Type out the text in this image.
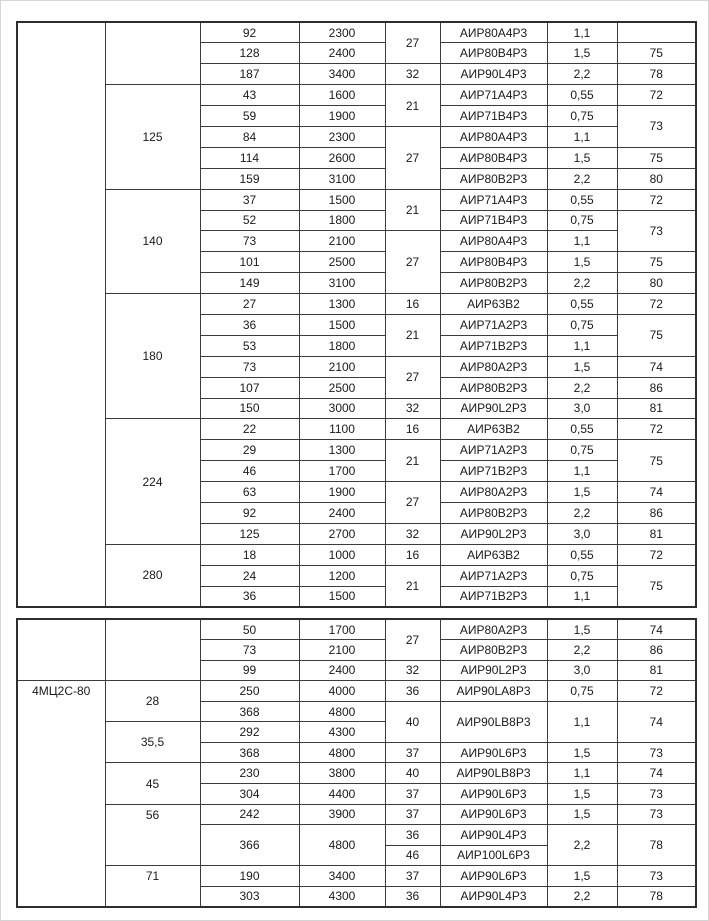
		92	2300	27	АИР80А4Р3	1,1	
		128	2400		АИР80В4Р3	1,5	75
		187	3400	32	АИР90L4Р3	2,2	78
	125	43	1600	21	АИР71А4Р3	0,55	72
		59	1900		АИР71В4Р3	0,75	73
		84	2300	27	АИР80А4Р3	1,1	
		114	2600		АИР80В4Р3	1,5	75
		159	3100		АИР80В2Р3	2,2	80
	140	37	1500	21	АИР71А4Р3	0,55	72
		52	1800		АИР71В4Р3	0,75	73
		73	2100	27	АИР80А4Р3	1,1	
		101	2500		АИР80В4Р3	1,5	75
		149	3100		АИР80В2Р3	2,2	80
	180	27	1300	16	АИР63В2	0,55	72
		36	1500	21	АИР71А2Р3	0,75	75
		53	1800		АИР71В2Р3	1,1	
		73	2100	27	АИР80А2Р3	1,5	74
		107	2500		АИР80В2Р3	2,2	86
		150	3000	32	АИР90L2Р3	3,0	81
	224	22	1100	16	АИР63В2	0,55	72
		29	1300	21	АИР71А2Р3	0,75	75
		46	1700		АИР71В2Р3	1,1	
		63	1900	27	АИР80А2Р3	1,5	74
		92	2400		АИР80В2Р3	2,2	86
		125	2700	32	АИР90L2Р3	3,0	81
	280	18	1000	16	АИР63В2	0,55	72
		24	1200	21	АИР71А2Р3	0,75	75
		36	1500		АИР71В2Р3	1,1	
		50	1700	27	АИР80А2Р3	1,5	74
		73	2100		АИР80В2Р3	2,2	86
		99	2400	32	АИР90L2Р3	3,0	81
4МЦ2С-80	28	250	4000	36	АИР90LА8Р3	0,75	72
		368	4800	40	АИР90LВ8Р3	1,1	74
	35,5	292	4300				
		368	4800	37	АИР90L6Р3	1,5	73
	45	230	3800	40	АИР90LВ8Р3	1,1	74
		304	4400	37	АИР90L6Р3	1,5	73
	56	242	3900	37	АИР90L6Р3	1,5	73
		366	4800	36	АИР90L4Р3	2,2	78
				46	АИР100L6Р3		
	71	190	3400	37	АИР90L6Р3	1,5	73
		303	4300	36	АИР90L4Р3	2,2	78
